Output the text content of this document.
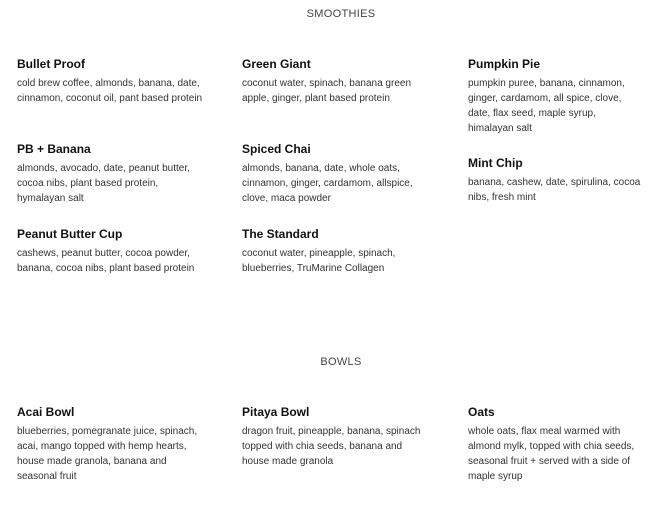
SMOOTHIES
Bullet Proof
cold brew coffee, almonds, banana, date, cinnamon, coconut oil, pant based protein
Green Giant
coconut water, spinach, banana green apple, ginger, plant based protein
Pumpkin Pie
pumpkin puree, banana, cinnamon, ginger, cardamom, all spice, clove, date, flax seed, maple syrup, himalayan salt
PB + Banana
almonds, avocado, date, peanut butter, cocoa nibs, plant based protein, hymalayan salt
Spiced Chai
almonds, banana, date, whole oats, cinnamon, ginger, cardamom, allspice, clove, maca powder
Mint Chip
banana, cashew, date, spirulina, cocoa nibs, fresh mint
Peanut Butter Cup
cashews, peanut butter, cocoa powder, banana, cocoa nibs, plant based protein
The Standard
coconut water, pineapple, spinach, blueberries, TruMarine Collagen
BOWLS
Acai Bowl
blueberries, pomegranate juice, spinach, acai, mango topped with hemp hearts, house made granola, banana and seasonal fruit
Pitaya Bowl
dragon fruit, pineapple, banana, spinach topped with chia seeds, banana and house made granola
Oats
whole oats, flax meal warmed with almond mylk, topped with chia seeds, seasonal fruit + served with a side of maple syrup
